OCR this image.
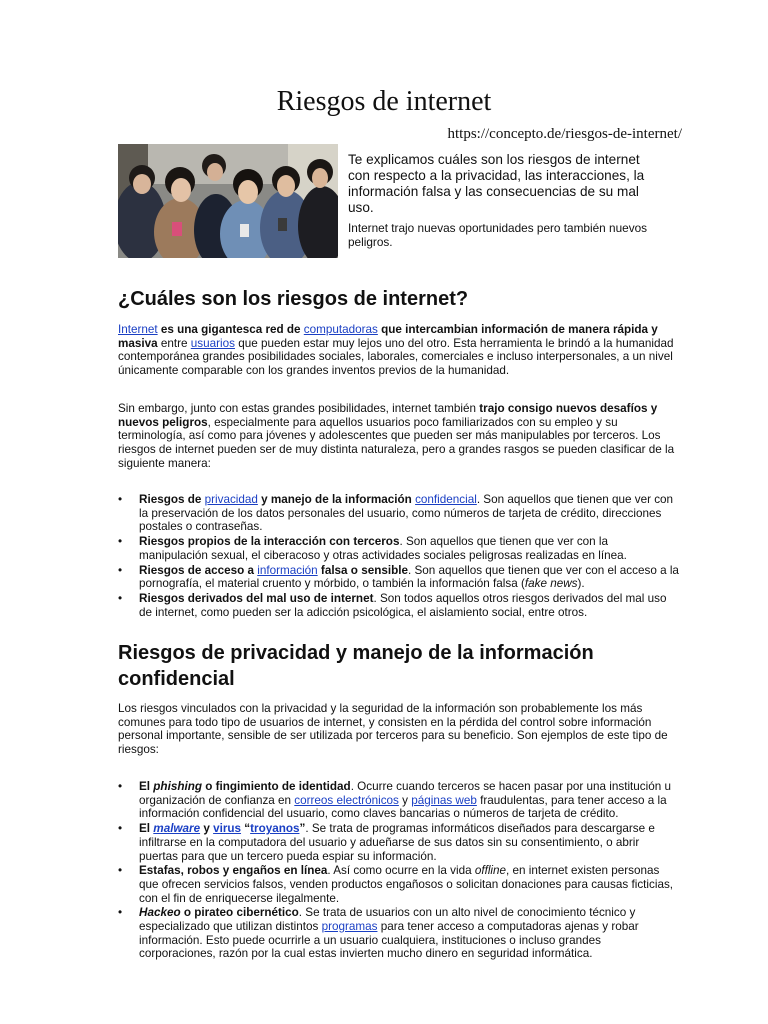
Riesgos de internet
https://concepto.de/riesgos-de-internet/
Te explicamos cuáles son los riesgos de internet con respecto a la privacidad, las interacciones, la información falsa y las consecuencias de su mal uso.
Internet trajo nuevas oportunidades pero también nuevos peligros.
¿Cuáles son los riesgos de internet?

Internet es una gigantesca red de computadoras que intercambian información de manera rápida y masiva entre usuarios que pueden estar muy lejos uno del otro. Esta herramienta le brindó a la humanidad contemporánea grandes posibilidades sociales, laborales, comerciales e incluso interpersonales, a un nivel únicamente comparable con los grandes inventos previos de la humanidad.

Sin embargo, junto con estas grandes posibilidades, internet también trajo consigo nuevos desafíos y nuevos peligros, especialmente para aquellos usuarios poco familiarizados con su empleo y su terminología, así como para jóvenes y adolescentes que pueden ser más manipulables por terceros. Los riesgos de internet pueden ser de muy distinta naturaleza, pero a grandes rasgos se pueden clasificar de la siguiente manera:

• Riesgos de privacidad y manejo de la información confidencial. Son aquellos que tienen que ver con la preservación de los datos personales del usuario, como números de tarjeta de crédito, direcciones postales o contraseñas.
• Riesgos propios de la interacción con terceros. Son aquellos que tienen que ver con la manipulación sexual, el ciberacoso y otras actividades sociales peligrosas realizadas en línea.
• Riesgos de acceso a información falsa o sensible. Son aquellos que tienen que ver con el acceso a la pornografía, el material cruento y mórbido, o también la información falsa (fake news).
• Riesgos derivados del mal uso de internet. Son todos aquellos otros riesgos derivados del mal uso de internet, como pueden ser la adicción psicológica, el aislamiento social, entre otros.
Riesgos de privacidad y manejo de la información confidencial

Los riesgos vinculados con la privacidad y la seguridad de la información son probablemente los más comunes para todo tipo de usuarios de internet, y consisten en la pérdida del control sobre información personal importante, sensible de ser utilizada por terceros para su beneficio. Son ejemplos de este tipo de riesgos:

• El phishing o fingimiento de identidad. Ocurre cuando terceros se hacen pasar por una institución u organización de confianza en correos electrónicos y páginas web fraudulentas, para tener acceso a la información confidencial del usuario, como claves bancarias o números de tarjeta de crédito.
• El malware y virus “troyanos”. Se trata de programas informáticos diseñados para descargarse e infiltrarse en la computadora del usuario y adueñarse de sus datos sin su consentimiento, o abrir puertas para que un tercero pueda espiar su información.
• Estafas, robos y engaños en línea. Así como ocurre en la vida offline, en internet existen personas que ofrecen servicios falsos, venden productos engañosos o solicitan donaciones para causas ficticias, con el fin de enriquecerse ilegalmente.
• Hackeo o pirateo cibernético. Se trata de usuarios con un alto nivel de conocimiento técnico y especializado que utilizan distintos programas para tener acceso a computadoras ajenas y robar información. Esto puede ocurrirle a un usuario cualquiera, instituciones o incluso grandes corporaciones, razón por la cual estas invierten mucho dinero en seguridad informática.
